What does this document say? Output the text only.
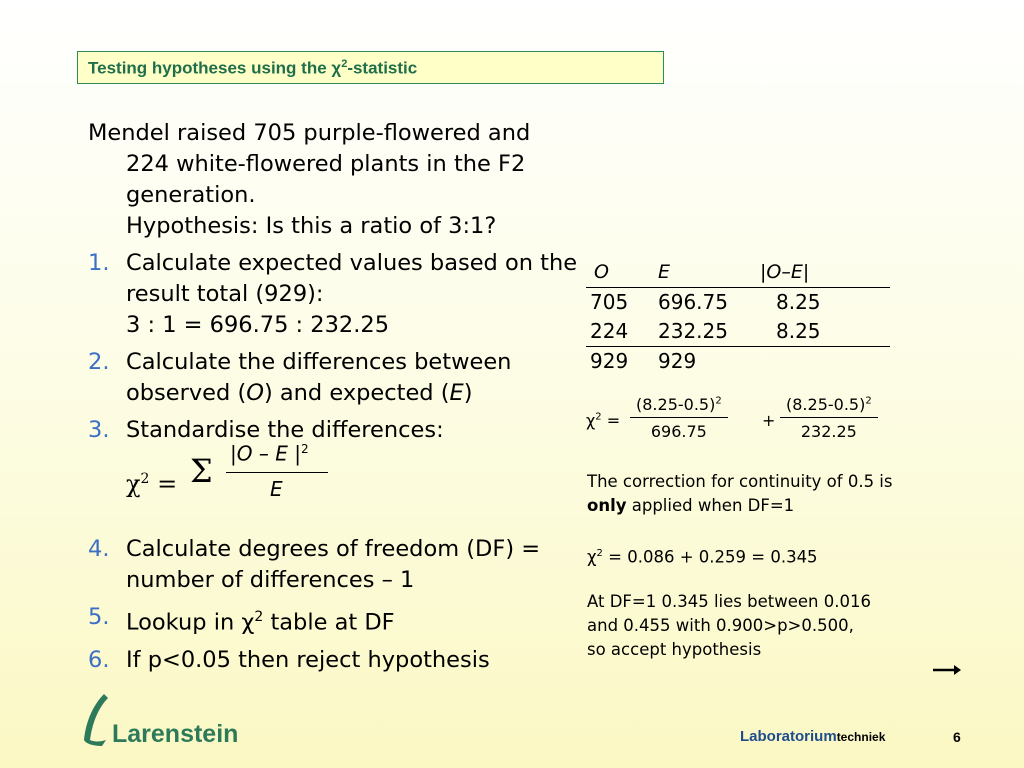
Testing hypotheses using the $\chi^2$-statistic
Mendel raised 705 purple-flowered and 224 white-flowered plants in the F2 generation.
Hypothesis: Is this a ratio of 3:1?
1. Calculate expected values based on the result total (929):
3 : 1 = 696.75 : 232.25
2. Calculate the differences between observed (O) and expected (E)
3. Standardise the differences:
$\chi^2 = \Sigma$ |O – E $|^2$
E
4. Calculate degrees of freedom (DF) = number of differences – 1
5. Lookup in $\chi^2$ table at DF
6. If p<0.05 then reject hypothesis
O	E	|O–E|
705	696.75	8.25
224	232.25	8.25
929	929	
$\chi^2 = \frac{(8.25-0.5)^2}{696.75} + \frac{(8.25-0.5)^2}{232.25}$
The correction for continuity of 0.5 is only applied when DF=1
$\chi^2 = 0.086 + 0.259 = 0.345$
At DF=1 0.345 lies between 0.016
and 0.455 with 0.900>p>0.500,
so accept hypothesis
Larenstein	Laboratoriumtechniek	6
